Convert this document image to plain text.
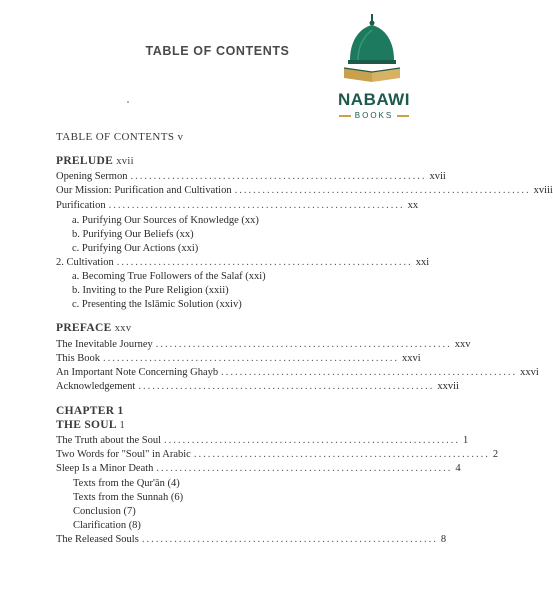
TABLE OF CONTENTS
NABAWI
BOOKS
TABLE OF CONTENTS v
PRELUDE xvii
Opening Sermon ................................................................ xvii
Our Mission: Purification and Cultivation ................................................................ xviii
Purification ................................................................ xx
a. Purifying Our Sources of Knowledge (xx)
b. Purifying Our Beliefs (xx)
c. Purifying Our Actions (xxi)
2. Cultivation ................................................................ xxi
a. Becoming True Followers of the Salaf (xxi)
b. Inviting to the Pure Religion (xxii)
c. Presenting the Islāmic Solution (xxiv)
PREFACE xxv
The Inevitable Journey ................................................................ xxv
This Book ................................................................ xxvi
An Important Note Concerning Ghayb ................................................................ xxvi
Acknowledgement ................................................................ xxvii
CHAPTER 1
THE SOUL 1
The Truth about the Soul ................................................................ 1
Two Words for "Soul" in Arabic ................................................................ 2
Sleep Is a Minor Death ................................................................ 4
Texts from the Qur'ān (4)
Texts from the Sunnah (6)
Conclusion (7)
Clarification (8)
The Released Souls ................................................................ 8
